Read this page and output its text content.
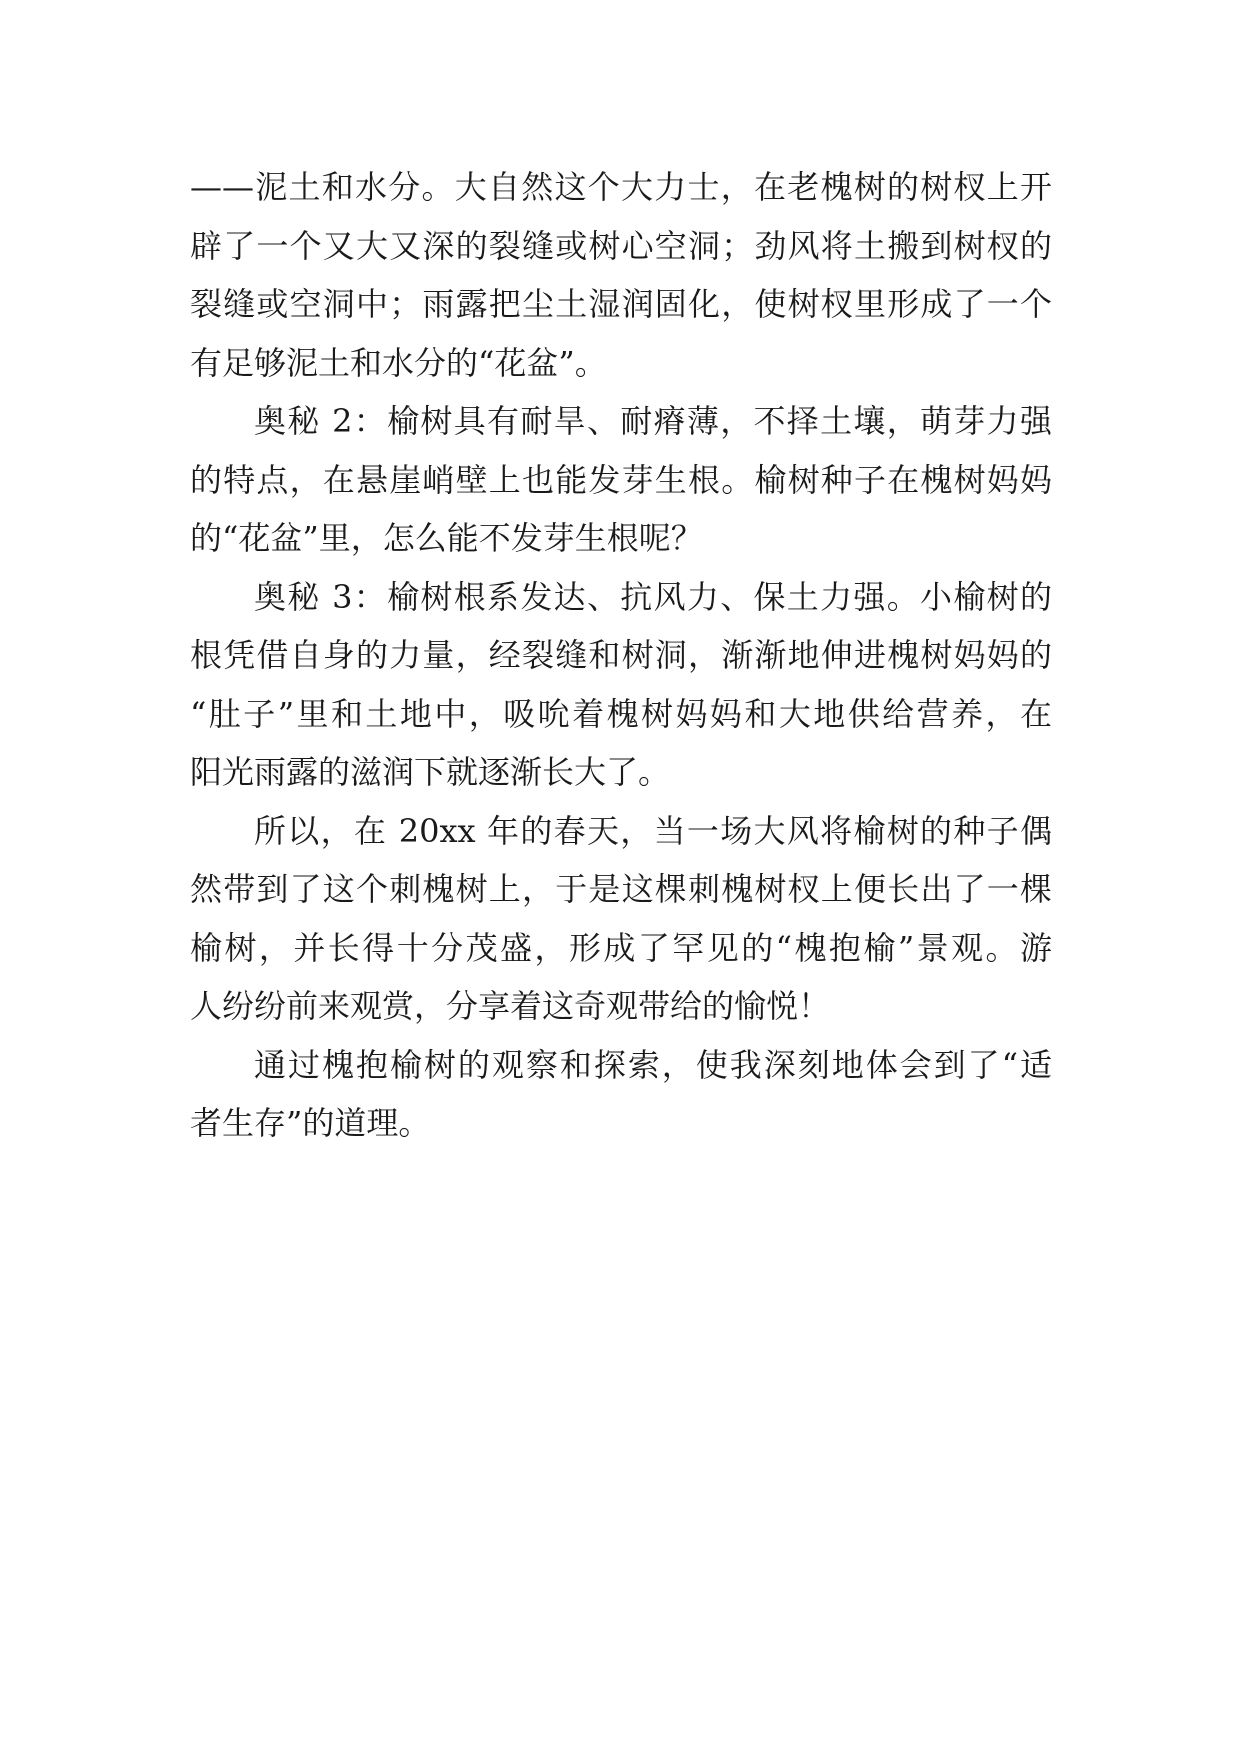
——泥土和水分。大自然这个大力士，在老槐树的树杈上开
辟了一个又大又深的裂缝或树心空洞；劲风将土搬到树杈的
裂缝或空洞中；雨露把尘土湿润固化，使树杈里形成了一个
有足够泥土和水分的“花盆”。

奥秘 2：榆树具有耐旱、耐瘠薄，不择土壤，萌芽力强
的特点，在悬崖峭壁上也能发芽生根。榆树种子在槐树妈妈
的“花盆”里，怎么能不发芽生根呢？

奥秘 3：榆树根系发达、抗风力、保土力强。小榆树的
根凭借自身的力量，经裂缝和树洞，渐渐地伸进槐树妈妈的
“肚子”里和土地中，吸吮着槐树妈妈和大地供给营养，在
阳光雨露的滋润下就逐渐长大了。

所以，在 20xx 年的春天，当一场大风将榆树的种子偶
然带到了这个刺槐树上，于是这棵刺槐树杈上便长出了一棵
榆树，并长得十分茂盛，形成了罕见的“槐抱榆”景观。游
人纷纷前来观赏，分享着这奇观带给的愉悦！

通过槐抱榆树的观察和探索，使我深刻地体会到了“适
者生存”的道理。
